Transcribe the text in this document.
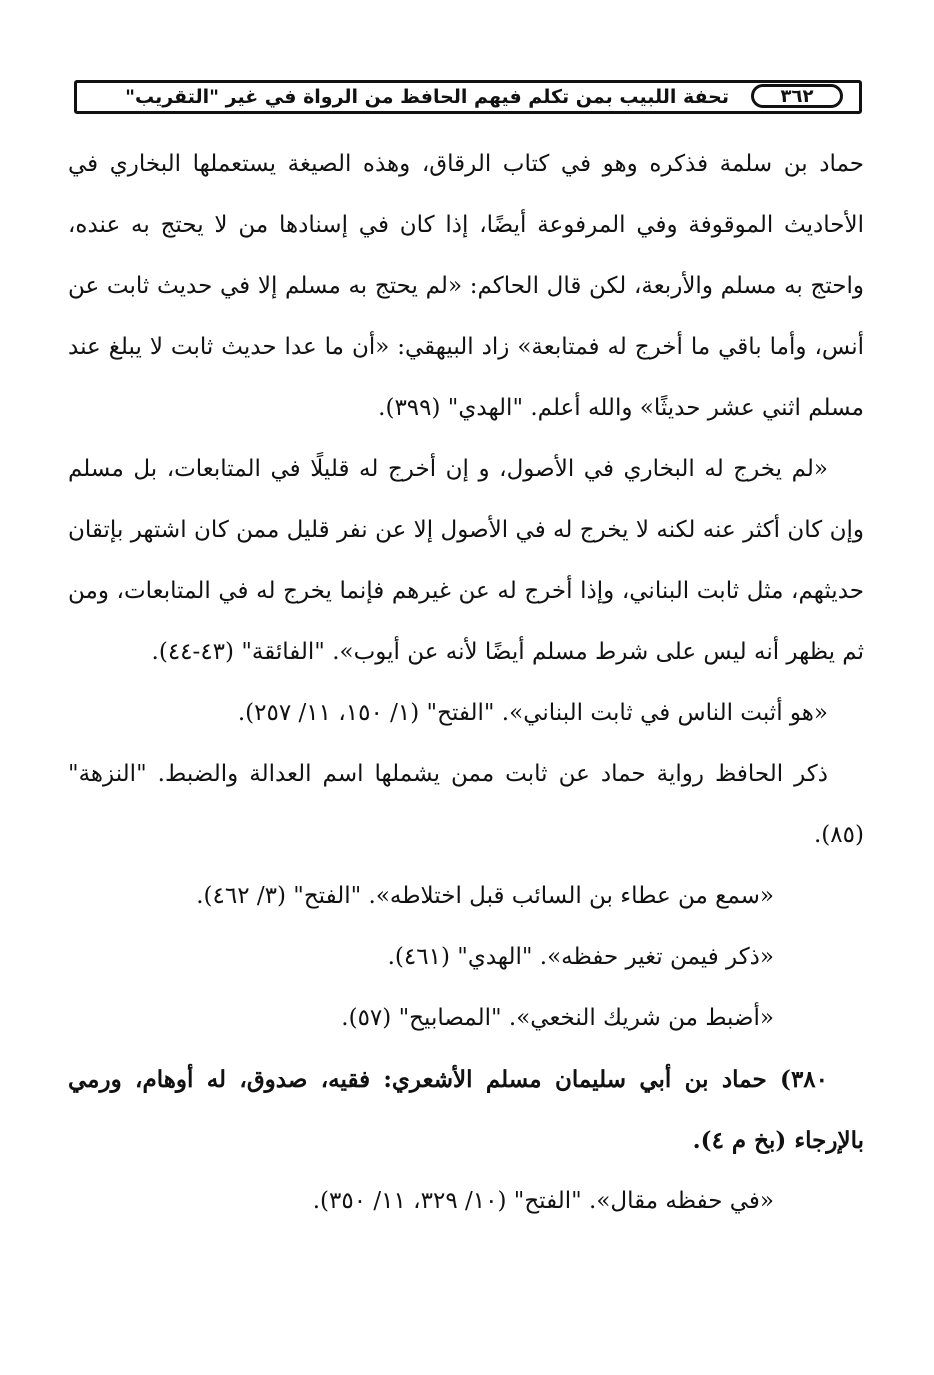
تحفة اللبيب بمن تكلم فيهم الحافظ من الرواة في غير "التقريب"	٣٦٢

حماد بن سلمة فذكره وهو في كتاب الرقاق، وهذه الصيغة يستعملها البخاري في الأحاديث الموقوفة وفي المرفوعة أيضًا، إذا كان في إسنادها من لا يحتج به عنده، واحتج به مسلم والأربعة، لكن قال الحاكم: «لم يحتج به مسلم إلا في حديث ثابت عن أنس، وأما باقي ما أخرج له فمتابعة» زاد البيهقي: «أن ما عدا حديث ثابت لا يبلغ عند مسلم اثني عشر حديثًا» والله أعلم. "الهدي" (٣٩٩).

«لم يخرج له البخاري في الأصول، و إن أخرج له قليلًا في المتابعات، بل مسلم وإن كان أكثر عنه لكنه لا يخرج له في الأصول إلا عن نفر قليل ممن كان اشتهر بإتقان حديثهم، مثل ثابت البناني، وإذا أخرج له عن غيرهم فإنما يخرج له في المتابعات، ومن ثم يظهر أنه ليس على شرط مسلم أيضًا لأنه عن أيوب». "الفائقة" (٤٣-٤٤).

«هو أثبت الناس في ثابت البناني». "الفتح" (١/ ١٥٠، ١١/ ٢٥٧).

ذكر الحافظ رواية حماد عن ثابت ممن يشملها اسم العدالة والضبط. "النزهة" (٨٥).

«سمع من عطاء بن السائب قبل اختلاطه». "الفتح" (٣/ ٤٦٢).

«ذكر فيمن تغير حفظه». "الهدي" (٤٦١).

«أضبط من شريك النخعي». "المصابيح" (٥٧).

٣٨٠) حماد بن أبي سليمان مسلم الأشعري: فقيه، صدوق، له أوهام، ورمي بالإرجاء (بخ م ٤).

«في حفظه مقال». "الفتح" (١٠/ ٣٢٩، ١١/ ٣٥٠).
